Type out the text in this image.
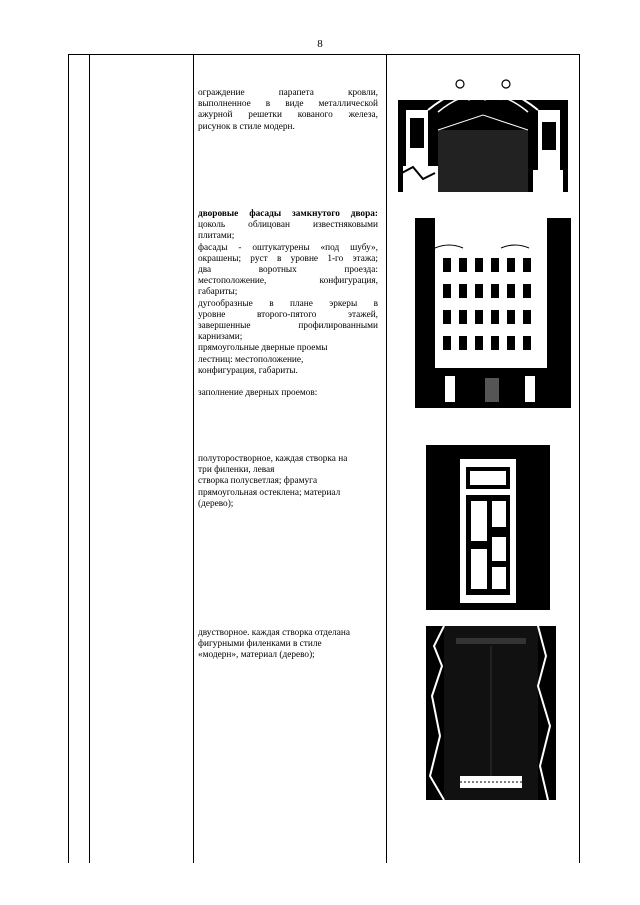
8

ограждение парапета кровли,

выполненное в виде металлической

ажурной решетки кованого железа,

рисунок в стиле модерн.

дворовые фасады замкнутого двора:

цоколь облицован известняковыми

плитами;

фасады - оштукатурены «под шубу»,

окрашены; руст в уровне 1-го этажа;

два воротных проезда:

местоположение, конфигурация,

габариты;

дугообразные в плане эркеры в

уровне второго-пятого этажей,

завершенные профилированными

карнизами;

прямоугольные дверные проемы

лестниц: местоположение,

конфигурация, габариты.

заполнение дверных проемов:

полуторостворное, каждая створка на

три филенки, левая

створка полусветлая; фрамуга

прямоугольная остеклена; материал

(дерево);

двустворное. каждая створка отделана

фигурными филенками в стиле

«модерн», материал (дерево);
